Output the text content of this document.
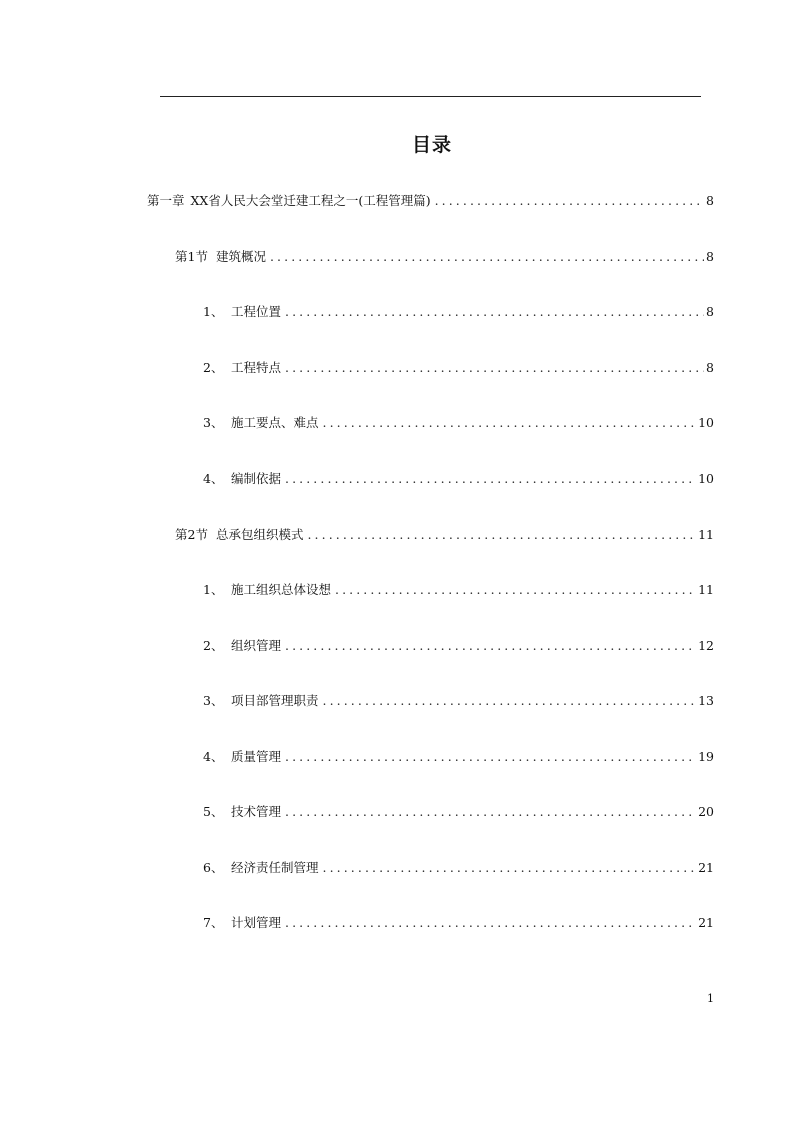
目录
第一章 XX省人民大会堂迁建工程之一(工程管理篇) .....	8
第1节 建筑概况 .....	8
1、 工程位置 .....	8
2、 工程特点 .....	8
3、 施工要点、难点 .....	10
4、 编制依据 .....	10
第2节 总承包组织模式 .....	11
1、 施工组织总体设想 .....	11
2、 组织管理 .....	12
3、 项目部管理职责 .....	13
4、 质量管理 .....	19
5、 技术管理 .....	20
6、 经济责任制管理 .....	21
7、 计划管理 .....	21
1
